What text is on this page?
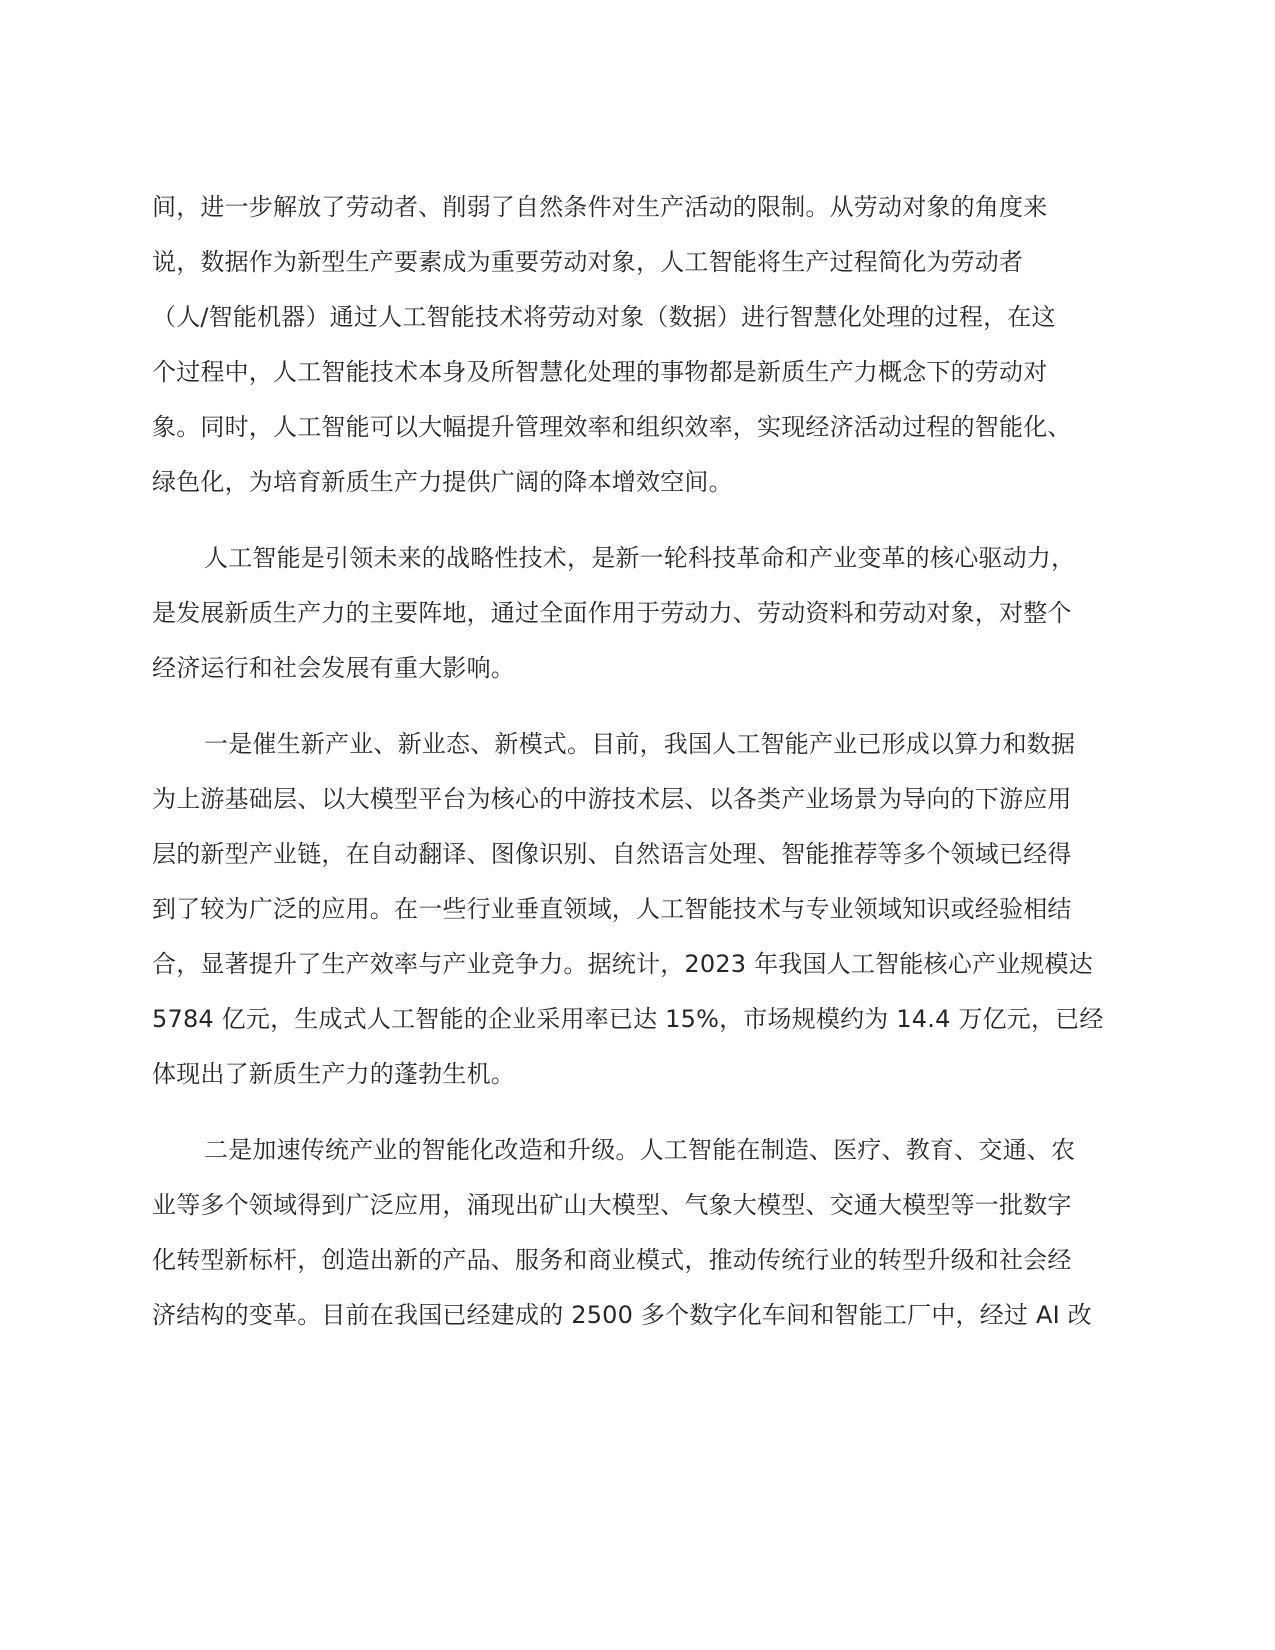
间，进一步解放了劳动者、削弱了自然条件对生产活动的限制。从劳动对象的角度来
说，数据作为新型生产要素成为重要劳动对象，人工智能将生产过程简化为劳动者
（人/智能机器）通过人工智能技术将劳动对象（数据）进行智慧化处理的过程，在这
个过程中，人工智能技术本身及所智慧化处理的事物都是新质生产力概念下的劳动对
象。同时，人工智能可以大幅提升管理效率和组织效率，实现经济活动过程的智能化、
绿色化，为培育新质生产力提供广阔的降本增效空间。
人工智能是引领未来的战略性技术，是新一轮科技革命和产业变革的核心驱动力，
是发展新质生产力的主要阵地，通过全面作用于劳动力、劳动资料和劳动对象，对整个
经济运行和社会发展有重大影响。
一是催生新产业、新业态、新模式。目前，我国人工智能产业已形成以算力和数据
为上游基础层、以大模型平台为核心的中游技术层、以各类产业场景为导向的下游应用
层的新型产业链，在自动翻译、图像识别、自然语言处理、智能推荐等多个领域已经得
到了较为广泛的应用。在一些行业垂直领域，人工智能技术与专业领域知识或经验相结
合，显著提升了生产效率与产业竞争力。据统计，2023 年我国人工智能核心产业规模达
5784 亿元，生成式人工智能的企业采用率已达 15%，市场规模约为 14.4 万亿元，已经
体现出了新质生产力的蓬勃生机。
二是加速传统产业的智能化改造和升级。人工智能在制造、医疗、教育、交通、农
业等多个领域得到广泛应用，涌现出矿山大模型、气象大模型、交通大模型等一批数字
化转型新标杆，创造出新的产品、服务和商业模式，推动传统行业的转型升级和社会经
济结构的变革。目前在我国已经建成的 2500 多个数字化车间和智能工厂中，经过 AI 改
